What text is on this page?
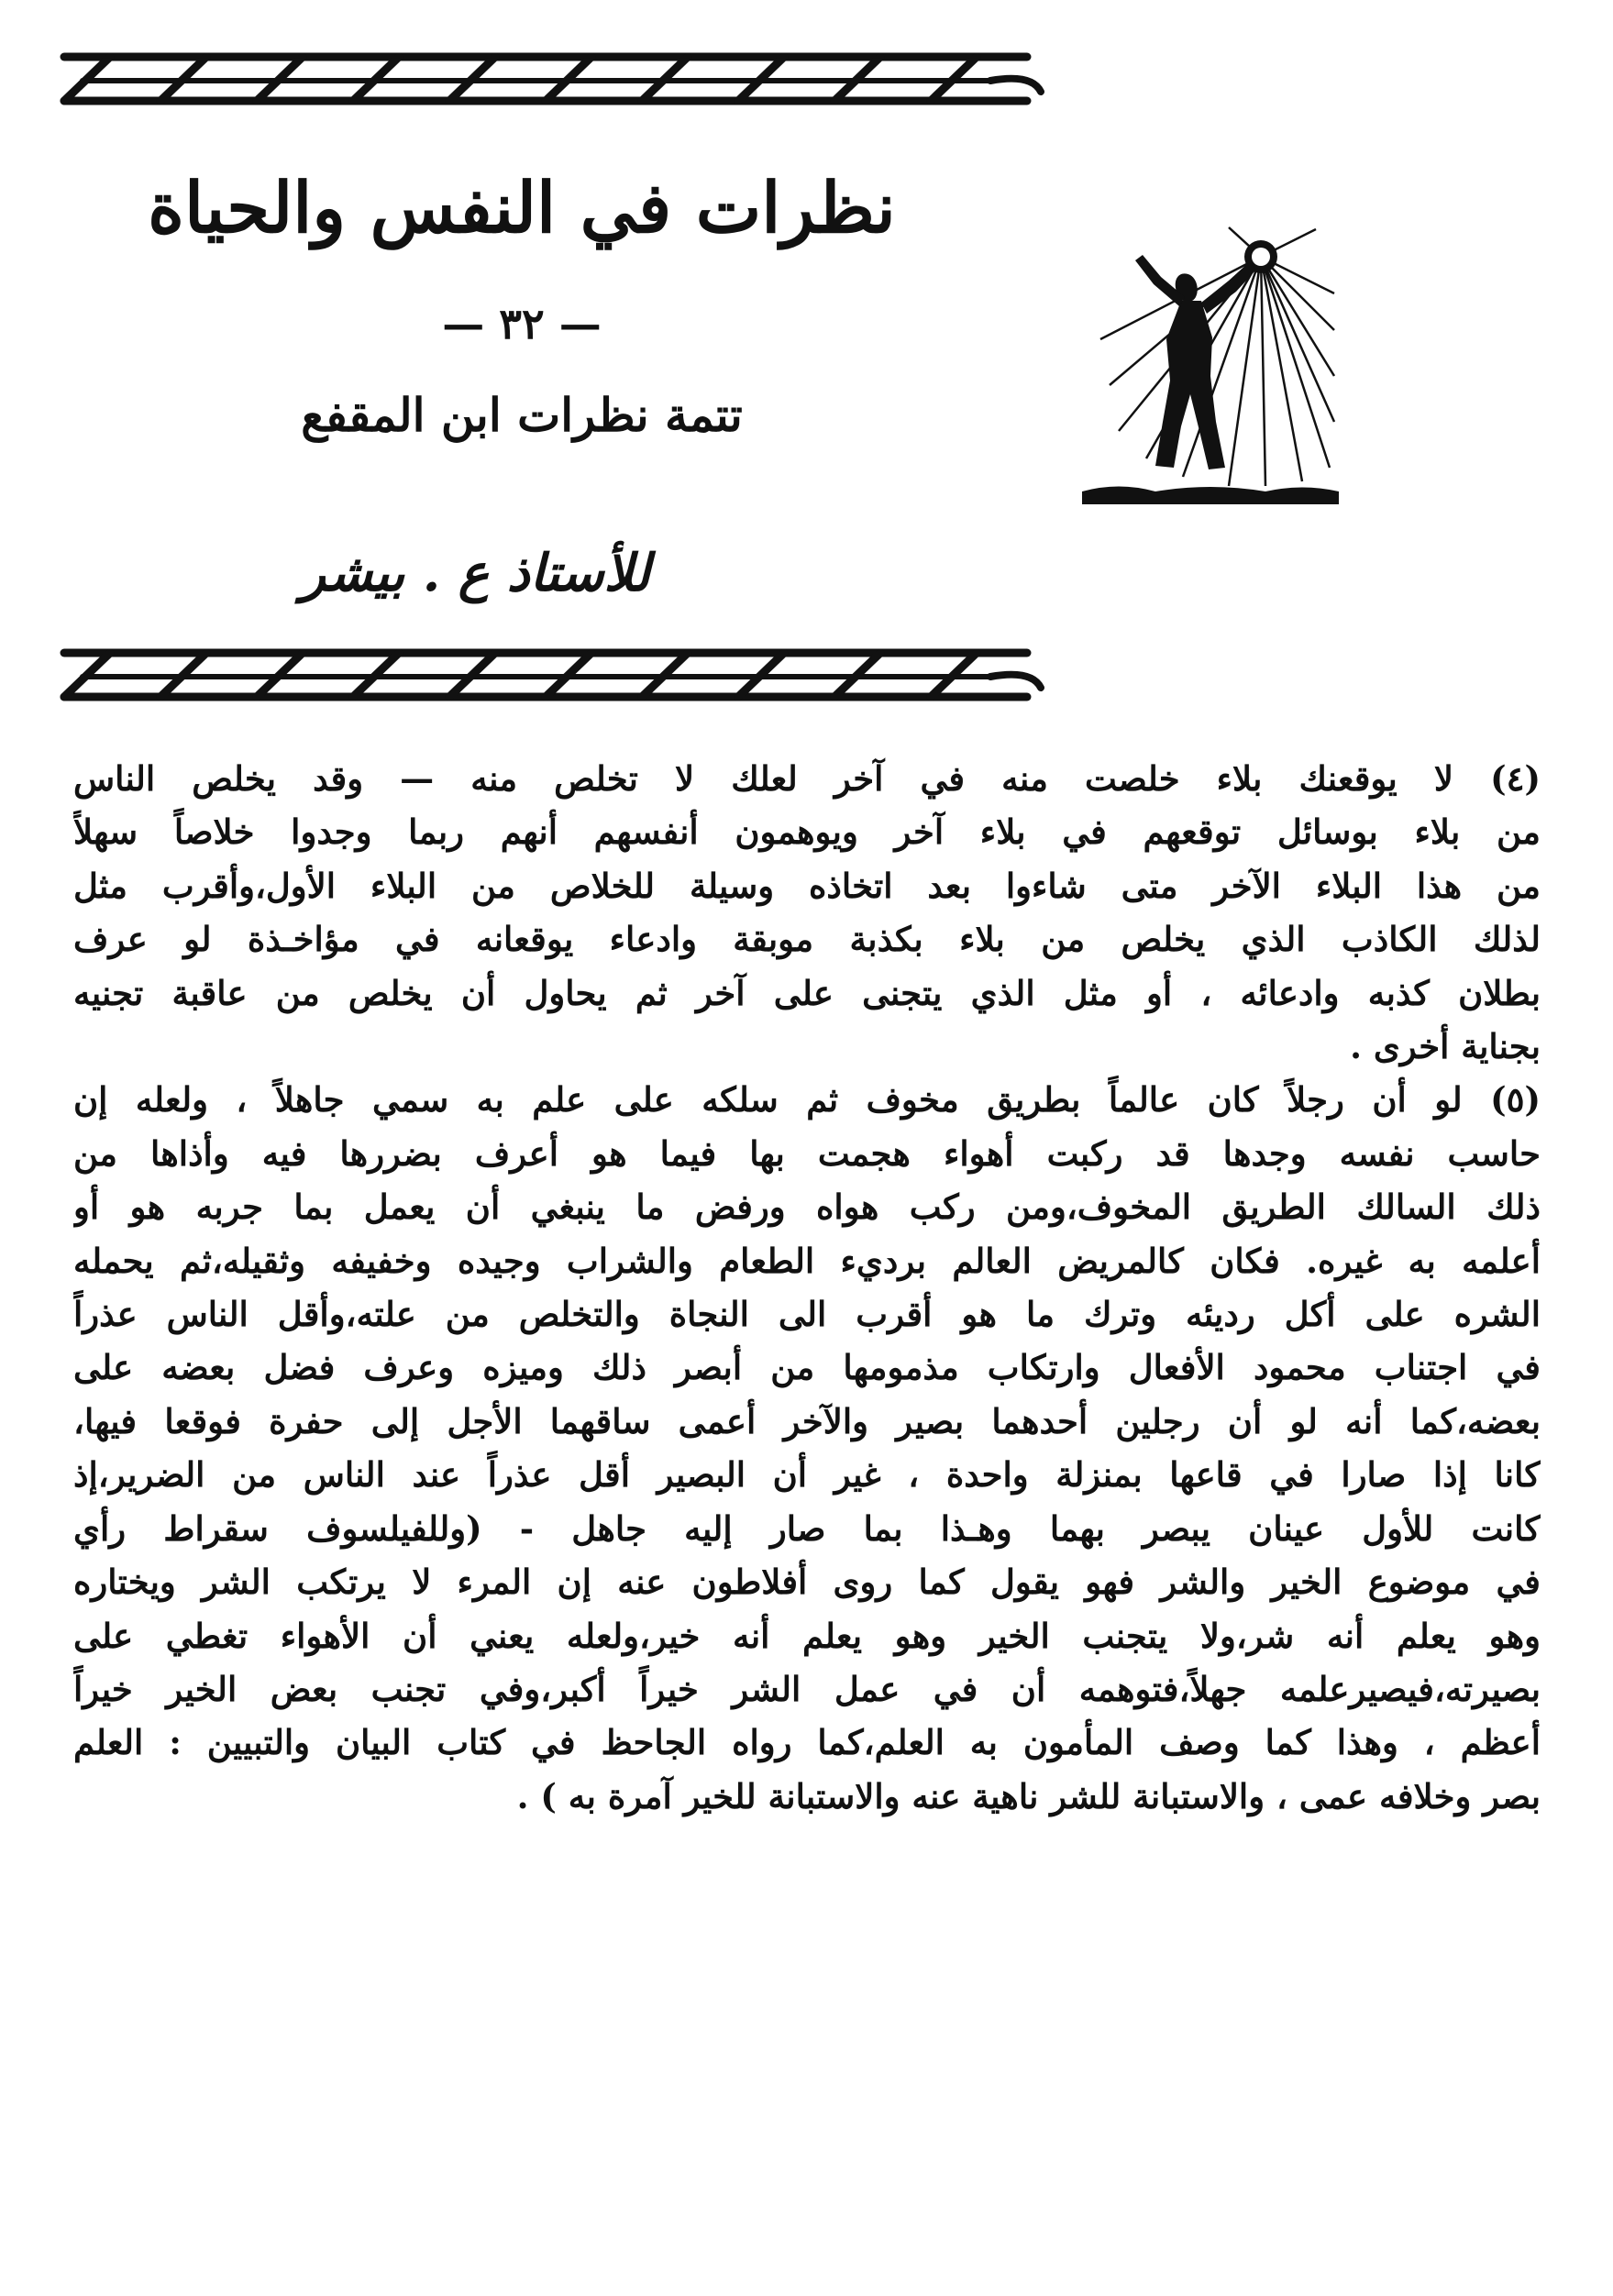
نظرات في النفس والحياة
— ٣٢ —
تتمة نظرات ابن المقفع
للأستاذ ع . بيشر

(٤) لا يوقعنك بلاء خلصت منه في آخر لعلك لا تخلص منه — وقد يخلص الناس
من بلاء بوسائل توقعهم في بلاء آخر ويوهمون أنفسهم أنهم ربما وجدوا خلاصاً سهلاً
من هذا البلاء الآخر متى شاءوا بعد اتخاذه وسيلة للخلاص من البلاء الأول،وأقرب مثل
لذلك الكاذب الذي يخلص من بلاء بكذبة موبقة وادعاء يوقعانه في مؤاخـذة لو عرف
بطلان كذبه وادعائه ، أو مثل الذي يتجنى على آخر ثم يحاول أن يخلص من عاقبة تجنيه
بجناية أخرى .

(٥) لو أن رجلاً كان عالماً بطريق مخوف ثم سلكه على علم به سمي جاهلاً ، ولعله إن
حاسب نفسه وجدها قد ركبت أهواء هجمت بها فيما هو أعرف بضررها فيه وأذاها من
ذلك السالك الطريق المخوف،ومن ركب هواه ورفض ما ينبغي أن يعمل بما جربه هو أو
أعلمه به غيره. فكان كالمريض العالم برديء الطعام والشراب وجيده وخفيفه وثقيله،ثم يحمله
الشره على أكل رديئه وترك ما هو أقرب الى النجاة والتخلص من علته،وأقل الناس عذراً
في اجتناب محمود الأفعال وارتكاب مذمومها من أبصر ذلك وميزه وعرف فضل بعضه على
بعضه،كما أنه لو أن رجلين أحدهما بصير والآخر أعمى ساقهما الأجل إلى حفرة فوقعا فيها،
كانا إذا صارا في قاعها بمنزلة واحدة ، غير أن البصير أقل عذراً عند الناس من الضرير،إذ
كانت للأول عينان يبصر بهما وهـذا بما صار إليه جاهل - (وللفيلسوف سقراط رأي
في موضوع الخير والشر فهو يقول كما روى أفلاطون عنه إن المرء لا يرتكب الشر ويختاره
وهو يعلم أنه شر،ولا يتجنب الخير وهو يعلم أنه خير،ولعله يعني أن الأهواء تغطي على
بصيرته،فيصيرعلمه جهلاً،فتوهمه أن في عمل الشر خيراً أكبر،وفي تجنب بعض الخير خيراً
أعظم ، وهذا كما وصف المأمون به العلم،كما رواه الجاحظ في كتاب البيان والتبيين : العلم
بصر وخلافه عمى ، والاستبانة للشر ناهية عنه والاستبانة للخير آمرة به ) .
